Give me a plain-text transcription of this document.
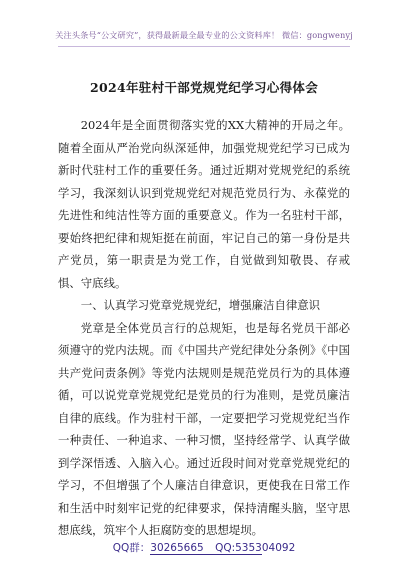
关注头条号“公文研究”，获得最新最全最专业的公文资料库！ 微信：gongwenyj
2024年驻村干部党规党纪学习心得体会

2024年是全面贯彻落实党的XX大精神的开局之年。随着全面从严治党向纵深延伸，加强党规党纪学习已成为新时代驻村工作的重要任务。通过近期对党规党纪的系统学习，我深刻认识到党规党纪对规范党员行为、永葆党的先进性和纯洁性等方面的重要意义。作为一名驻村干部，要始终把纪律和规矩挺在前面，牢记自己的第一身份是共产党员，第一职责是为党工作，自觉做到知敬畏、存戒惧、守底线。

一、认真学习党章党规党纪，增强廉洁自律意识

党章是全体党员言行的总规矩，也是每名党员干部必须遵守的党内法规。而《中国共产党纪律处分条例》《中国共产党问责条例》等党内法规则是规范党员行为的具体遵循，可以说党章党规党纪是党员的行为准则，是党员廉洁自律的底线。作为驻村干部，一定要把学习党规党纪当作一种责任、一种追求、一种习惯，坚持经常学、认真学做到学深悟透、入脑入心。通过近段时间对党章党规党纪的学习，不但增强了个人廉洁自律意识，更使我在日常工作和生活中时刻牢记党的纪律要求，保持清醒头脑，坚守思想底线，筑牢个人拒腐防变的思想堤坝。

QQ群：30265665 QQ:535304092
